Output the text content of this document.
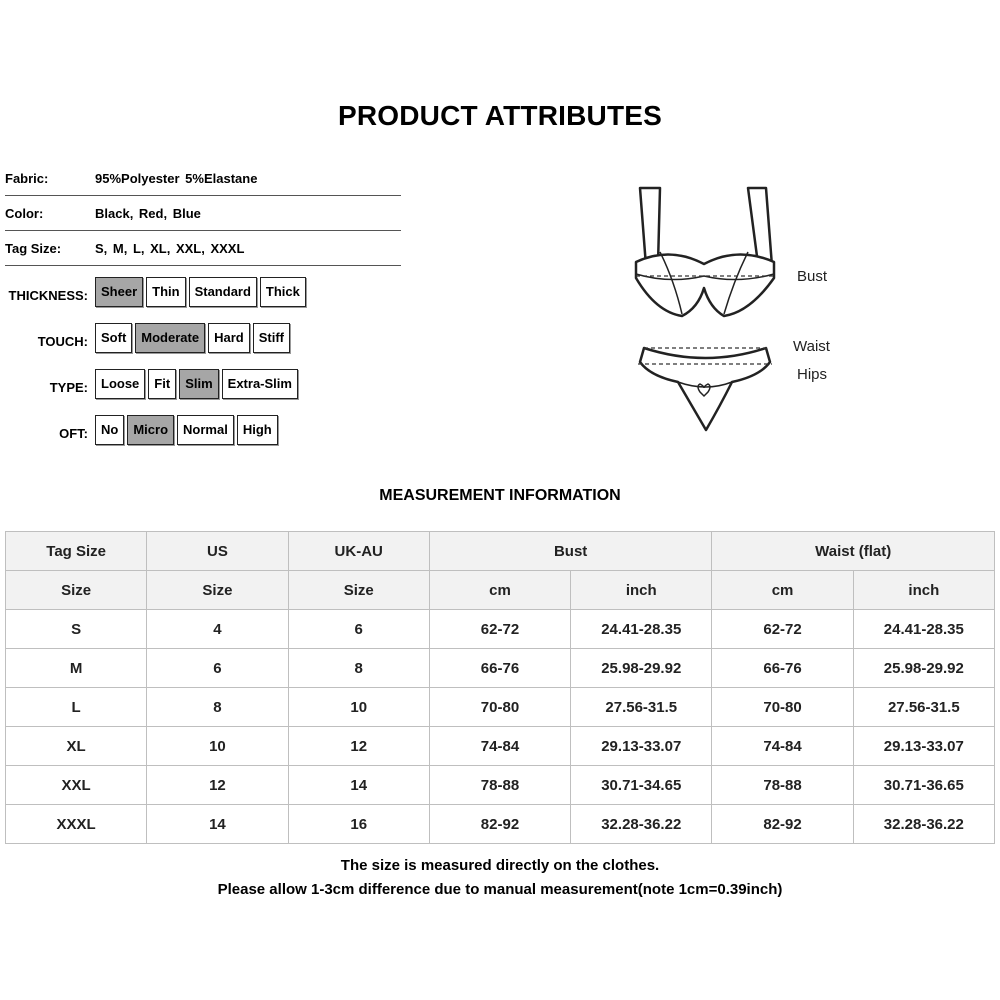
PRODUCT ATTRIBUTES
Fabric:	95%Polyester 5%Elastane
Color:	Black, Red, Blue
Tag Size:	S, M, L, XL, XXL, XXXL
THICKNESS:	Sheer	Thin	Standard	Thick
TOUCH:	Soft	Moderate	Hard	Stiff
TYPE:	Loose	Fit	Slim	Extra-Slim
OFT:	No	Micro	Normal	High
Bust
Waist
Hips
MEASUREMENT INFORMATION
Tag Size	US	UK-AU	Bust		Waist (flat)	
Size	Size	Size	cm	inch	cm	inch
S	4	6	62-72	24.41-28.35	62-72	24.41-28.35
M	6	8	66-76	25.98-29.92	66-76	25.98-29.92
L	8	10	70-80	27.56-31.5	70-80	27.56-31.5
XL	10	12	74-84	29.13-33.07	74-84	29.13-33.07
XXL	12	14	78-88	30.71-34.65	78-88	30.71-36.65
XXXL	14	16	82-92	32.28-36.22	82-92	32.28-36.22
The size is measured directly on the clothes.
Please allow 1-3cm difference due to manual measurement(note 1cm=0.39inch)
